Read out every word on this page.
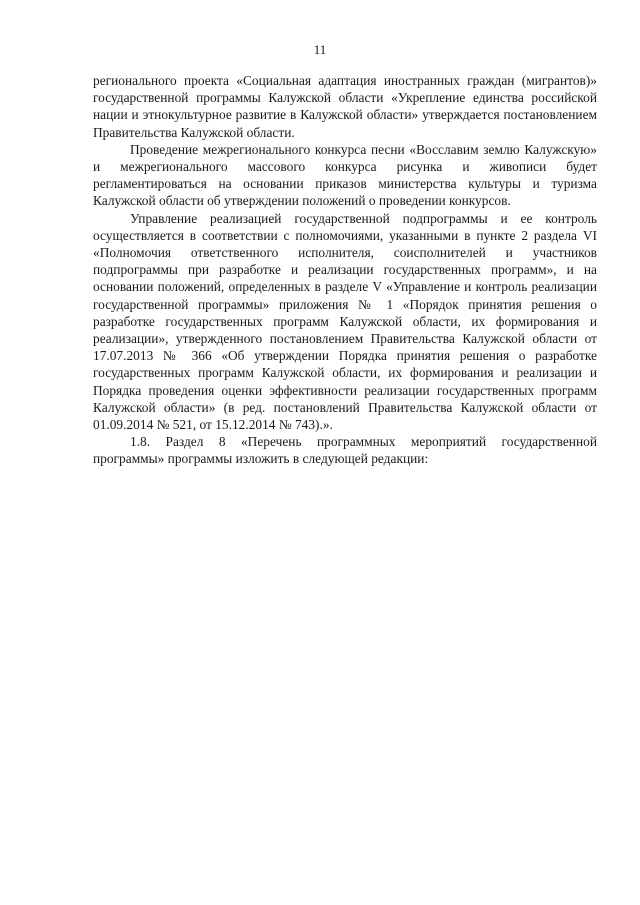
11

регионального проекта «Социальная адаптация иностранных граждан (мигрантов)» государственной программы Калужской области «Укрепление единства российской нации и этнокультурное развитие в Калужской области» утверждается постановлением Правительства Калужской области.

Проведение межрегионального конкурса песни «Восславим землю Калужскую» и межрегионального массового конкурса рисунка и живописи будет регламентироваться на основании приказов министерства культуры и туризма Калужской области об утверждении положений о проведении конкурсов.

Управление реализацией государственной подпрограммы и ее контроль осуществляется в соответствии с полномочиями, указанными в пункте 2 раздела VI «Полномочия ответственного исполнителя, соисполнителей и участников подпрограммы при разработке и реализации государственных программ», и на основании положений, определенных в разделе V «Управление и контроль реализации государственной программы» приложения № 1 «Порядок принятия решения о разработке государственных программ Калужской области, их формирования и реализации», утвержденного постановлением Правительства Калужской области от 17.07.2013 № 366 «Об утверждении Порядка принятия решения о разработке государственных программ Калужской области, их формирования и реализации и Порядка проведения оценки эффективности реализации государственных программ Калужской области» (в ред. постановлений Правительства Калужской области от 01.09.2014 № 521, от 15.12.2014 № 743).».

1.8. Раздел 8 «Перечень программных мероприятий государственной программы» программы изложить в следующей редакции:
